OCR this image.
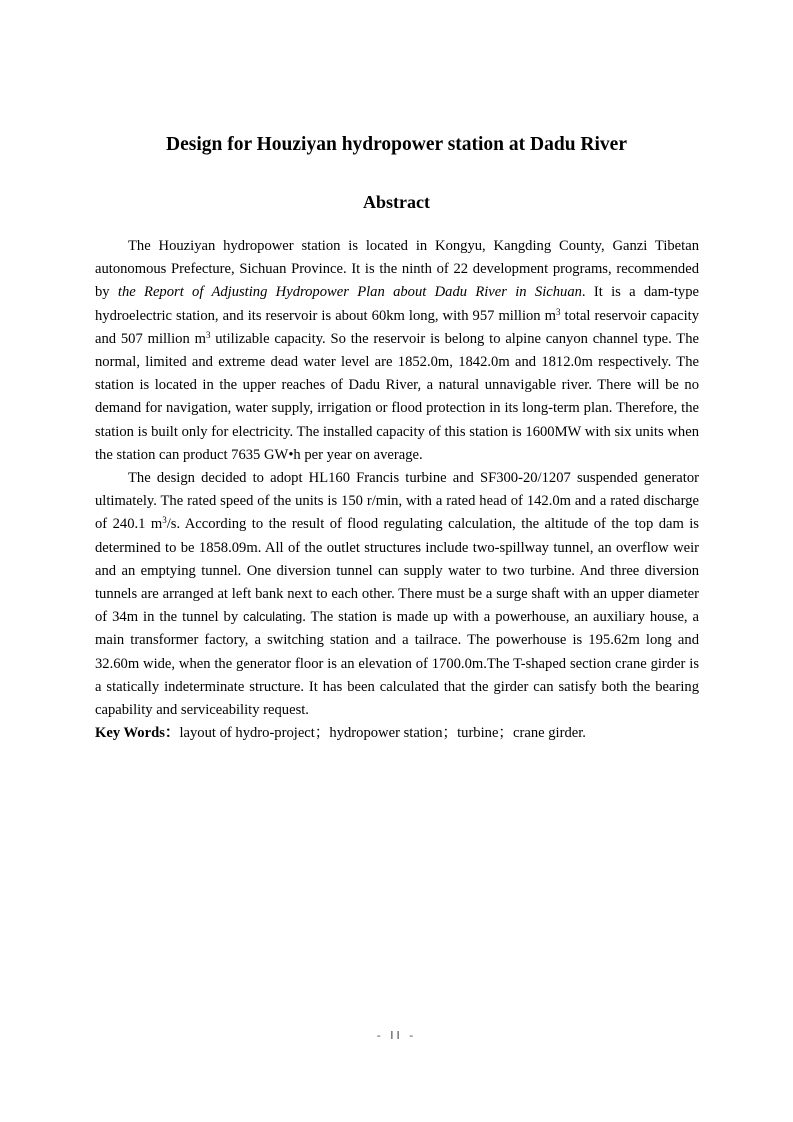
Design for Houziyan hydropower station at Dadu River
Abstract

The Houziyan hydropower station is located in Kongyu, Kangding County, Ganzi Tibetan autonomous Prefecture, Sichuan Province. It is the ninth of 22 development programs, recommended by the Report of Adjusting Hydropower Plan about Dadu River in Sichuan. It is a dam-type hydroelectric station, and its reservoir is about 60km long, with 957 million $m^3$ total reservoir capacity and 507 million $m^3$ utilizable capacity. So the reservoir is belong to alpine canyon channel type. The normal, limited and extreme dead water level are 1852.0m, 1842.0m and 1812.0m respectively. The station is located in the upper reaches of Dadu River, a natural unnavigable river. There will be no demand for navigation, water supply, irrigation or flood protection in its long-term plan. Therefore, the station is built only for electricity. The installed capacity of this station is 1600MW with six units when the station can product 7635 GW•h per year on average.

The design decided to adopt HL160 Francis turbine and SF300-20/1207 suspended generator ultimately. The rated speed of the units is 150 r/min, with a rated head of 142.0m and a rated discharge of 240.1 $m^3/s$. According to the result of flood regulating calculation, the altitude of the top dam is determined to be 1858.09m. All of the outlet structures include two-spillway tunnel, an overflow weir and an emptying tunnel. One diversion tunnel can supply water to two turbine. And three diversion tunnels are arranged at left bank next to each other. There must be a surge shaft with an upper diameter of 34m in the tunnel by calculating. The station is made up with a powerhouse, an auxiliary house, a main transformer factory, a switching station and a tailrace. The powerhouse is 195.62m long and 32.60m wide, when the generator floor is an elevation of 1700.0m.The T-shaped section crane girder is a statically indeterminate structure. It has been calculated that the girder can satisfy both the bearing capability and serviceability request.

Key Words：layout of hydro-project；hydropower station；turbine；crane girder.

- II -
